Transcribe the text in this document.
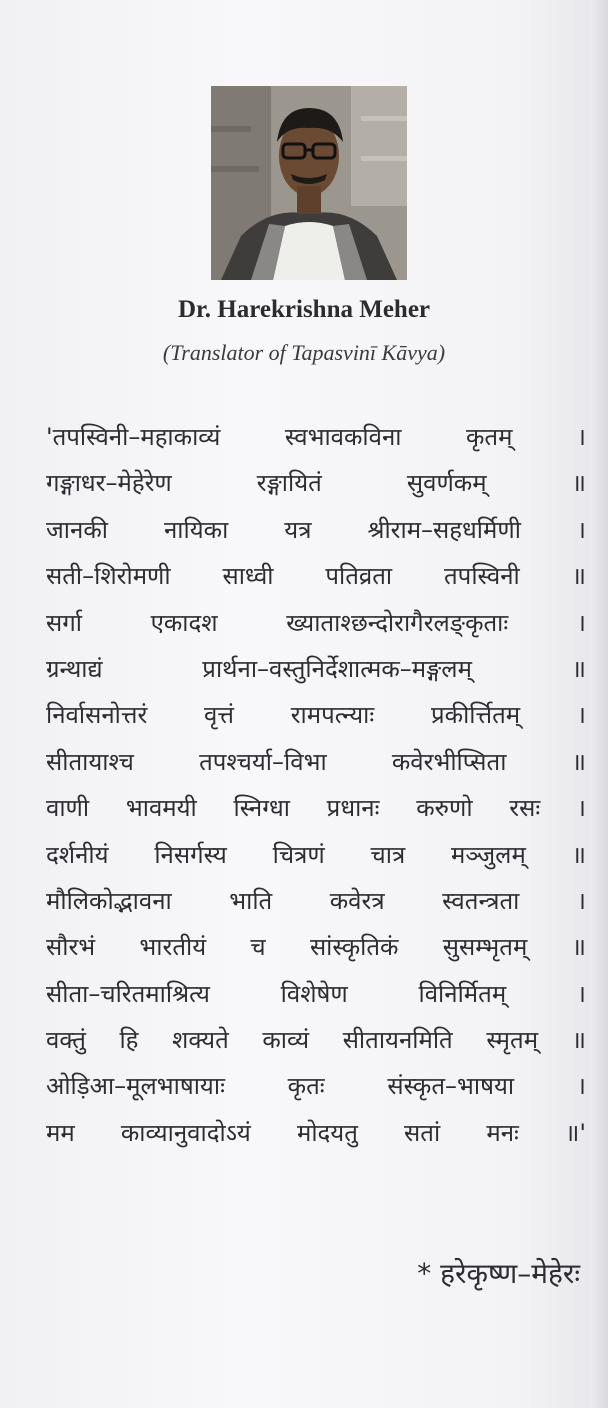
Dr. Harekrishna Meher
(Translator of Tapasvinī Kāvya)
'तपस्विनी–महाकाव्यं स्वभावकविना कृतम् ।
गङ्गाधर–मेहेरेण रङ्गायितं सुवर्णकम् ॥
जानकी नायिका यत्र श्रीराम–सहधर्मिणी ।
सती–शिरोमणी साध्वी पतिव्रता तपस्विनी ॥
सर्गा एकादश ख्याताश्छन्दोरागैरलङ्कृताः ।
ग्रन्थाद्यं प्रार्थना–वस्तुनिर्देशात्मक–मङ्गलम् ॥
निर्वासनोत्तरं वृत्तं रामपत्न्याः प्रकीर्त्तितम् ।
सीतायाश्च तपश्चर्या–विभा कवेरभीप्सिता ॥
वाणी भावमयी स्निग्धा प्रधानः करुणो रसः ।
दर्शनीयं निसर्गस्य चित्रणं चात्र मञ्जुलम् ॥
मौलिकोद्भावना भाति कवेरत्र स्वतन्त्रता ।
सौरभं भारतीयं च सांस्कृतिकं सुसम्भृतम् ॥
सीता–चरितमाश्रित्य विशेषेण विनिर्मितम् ।
वक्तुं हि शक्यते काव्यं सीतायनमिति स्मृतम् ॥
ओड़िआ–मूलभाषायाः कृतः संस्कृत–भाषया ।
मम काव्यानुवादोऽयं मोदयतु सतां मनः ॥'
* हरेकृष्ण–मेहेरः
